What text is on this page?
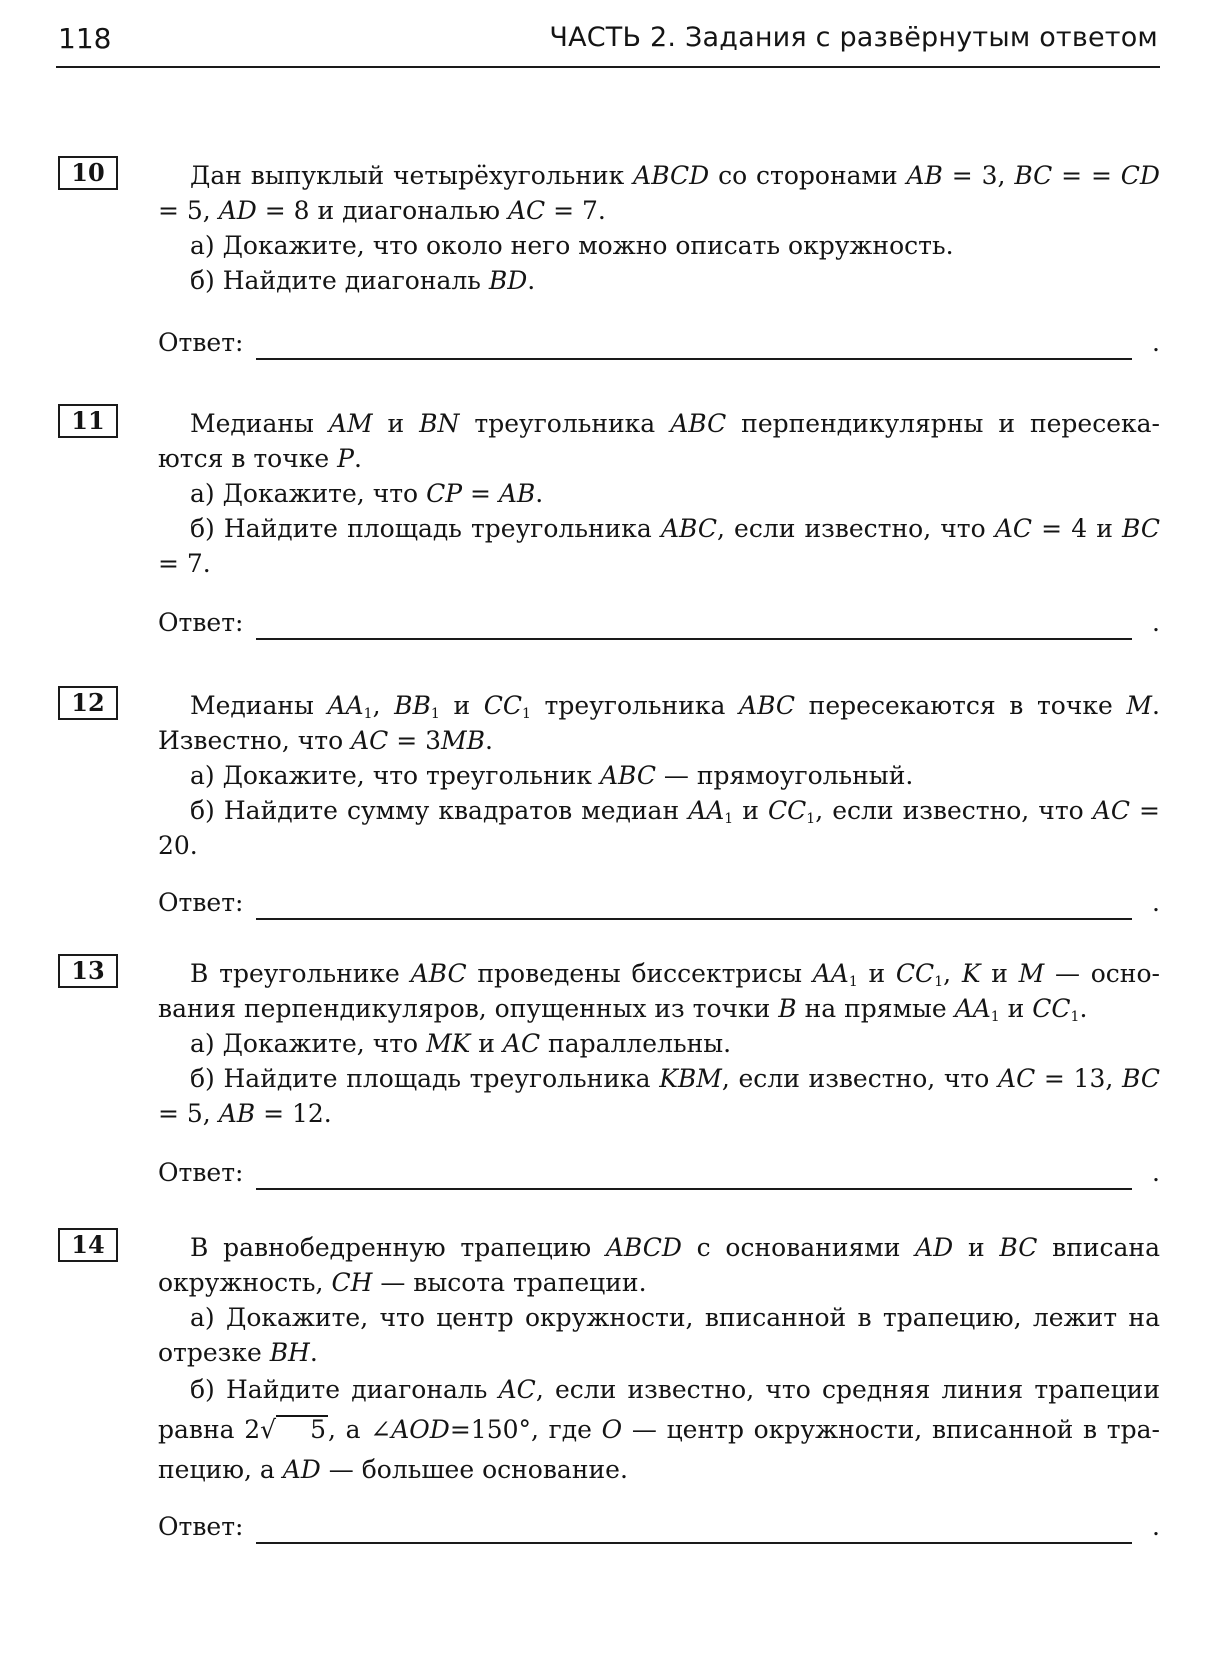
118	ЧАСТЬ 2. Задания с развёрнутым ответом
10	Дан выпуклый четырёхугольник ABCD со сторонами AB = 3, BC = = CD = 5, AD = 8 и диагональю AC = 7.

а) Докажите, что около него можно описать окружность.

б) Найдите диагональ BD.

Ответ:	.
11	Медианы AM и BN треугольника ABC перпендикулярны и пересека-ются в точке P.

а) Докажите, что CP = AB.

б) Найдите площадь треугольника ABC, если известно, что AC = 4 и BC = 7.

Ответ:	.
12	Медианы $AA_1$, $BB_1$ и $CC_1$ треугольника ABC пересекаются в точке M. Известно, что AC = 3MB.

а) Докажите, что треугольник ABC — прямоугольный.

б) Найдите сумму квадратов медиан $AA_1$ и $CC_1$, если известно, что AC = 20.

Ответ:	.
13	В треугольнике ABC проведены биссектрисы $AA_1$ и $CC_1$, K и M — осно-вания перпендикуляров, опущенных из точки B на прямые $AA_1$ и $CC_1$.

а) Докажите, что MK и AC параллельны.

б) Найдите площадь треугольника KBM, если известно, что AC = 13, BC = 5, AB = 12.

Ответ:	.
14	В равнобедренную трапецию ABCD с основаниями AD и BC вписана окружность, CH — высота трапеции.

а) Докажите, что центр окружности, вписанной в трапецию, лежит на отрезке BH.

б) Найдите диагональ AC, если известно, что средняя линия трапеции равна 2√ 5, а ∠AOD=150°, где O — центр окружности, вписанной в тра-пецию, а AD — большее основание.

Ответ:	.
